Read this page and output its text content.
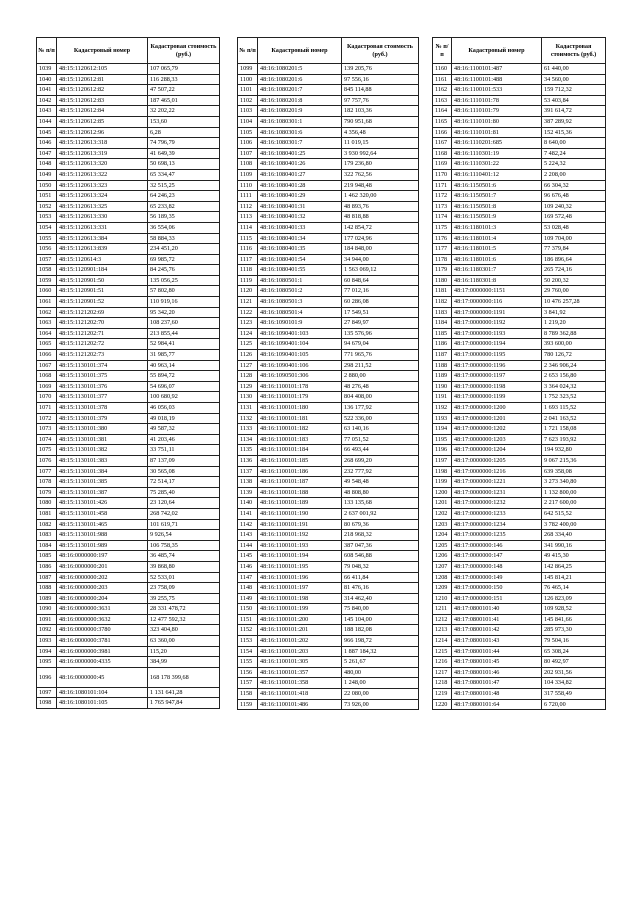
№ п/п	Кадастровый номер	Кадастровая стоимость (руб.)
1039	48:15:1120612:105	107 065,79
1040	48:15:1120612:81	116 288,33
1041	48:15:1120612:82	47 507,22
1042	48:15:1120612:83	187 465,01
1043	48:15:1120612:84	32 202,22
1044	48:15:1120612:85	153,60
1045	48:15:1120612:96	6,28
1046	48:15:1120613:318	74 796,79
1047	48:15:1120613:319	41 649,39
1048	48:15:1120613:320	50 698,13
1049	48:15:1120613:322	65 334,47
1050	48:15:1120613:323	32 515,25
1051	48:15:1120613:324	64 246,23
1052	48:15:1120613:325	65 233,82
1053	48:15:1120613:330	56 189,35
1054	48:15:1120613:331	36 554,06
1055	48:15:1120613:384	58 884,33
1056	48:15:1120613:839	234 451,20
1057	48:15:1120614:3	69 985,72
1058	48:15:1120901:184	84 245,76
1059	48:15:1120901:50	135 056,25
1060	48:15:1120901:51	57 802,80
1061	48:15:1120901:52	110 919,16
1062	48:15:1121202:69	95 342,20
1063	48:15:1121202:70	108 237,60
1064	48:15:1121202:71	213 855,44
1065	48:15:1121202:72	52 984,41
1066	48:15:1121202:73	31 985,77
1067	48:15:1130101:374	40 963,14
1068	48:15:1130101:375	55 894,72
1069	48:15:1130101:376	54 696,07
1070	48:15:1130101:377	100 680,92
1071	48:15:1130101:378	46 056,03
1072	48:15:1130101:379	49 018,19
1073	48:15:1130101:380	49 587,32
1074	48:15:1130101:381	41 203,46
1075	48:15:1130101:382	33 751,11
1076	48:15:1130101:383	87 137,09
1077	48:15:1130101:384	30 565,08
1078	48:15:1130101:385	72 514,17
1079	48:15:1130101:387	75 285,40
1080	48:15:1130101:426	23 120,64
1081	48:15:1130101:458	268 742,02
1082	48:15:1130101:465	101 619,71
1083	48:15:1130101:988	9 926,54
1084	48:15:1130101:989	106 758,35
1085	48:16:0000000:197	36 485,74
1086	48:16:0000000:201	39 868,80
1087	48:16:0000000:202	52 533,01
1088	48:16:0000000:203	23 758,09
1089	48:16:0000000:204	39 255,75
1090	48:16:0000000:3631	28 331 478,72
1091	48:16:0000000:3632	12 477 592,32
1092	48:16:0000000:3780	323 404,80
1093	48:16:0000000:3781	63 360,00
1094	48:16:0000000:3981	115,20
1095	48:16:0000000:4335	384,99
1096	48:16:0000000:45	168 178 399,68
1097	48:16:1080101:104	1 131 641,28
1098	48:16:1080101:105	1 765 947,84
№ п/п	Кадастровый номер	Кадастровая стоимость (руб.)
1099	48:16:1080201:5	139 205,76
1100	48:16:1080201:6	97 556,16
1101	48:16:1080201:7	845 114,88
1102	48:16:1080201:8	97 757,76
1103	48:16:1080201:9	182 103,36
1104	48:16:1080301:1	790 951,68
1105	48:16:1080301:6	4 356,48
1106	48:16:1080301:7	11 019,15
1107	48:16:1080401:25	3 930 992,64
1108	48:16:1080401:26	179 236,80
1109	48:16:1080401:27	322 762,56
1110	48:16:1080401:28	219 948,48
1111	48:16:1080401:29	1 462 320,00
1112	48:16:1080401:31	48 893,76
1113	48:16:1080401:32	48 818,88
1114	48:16:1080401:33	142 854,72
1115	48:16:1080401:34	177 024,96
1116	48:16:1080401:35	184 848,00
1117	48:16:1080401:54	34 944,00
1118	48:16:1080401:55	1 563 069,12
1119	48:16:1080501:1	60 848,64
1120	48:16:1080501:2	77 012,16
1121	48:16:1080501:3	60 286,08
1122	48:16:1080501:4	17 549,51
1123	48:16:1090101:9	27 849,97
1124	48:16:1090401:103	135 576,96
1125	48:16:1090401:104	94 679,04
1126	48:16:1090401:105	771 965,76
1127	48:16:1090401:106	298 211,52
1128	48:16:1090501:306	2 880,00
1129	48:16:1100101:178	48 276,48
1130	48:16:1100101:179	804 408,00
1131	48:16:1100101:180	136 177,92
1132	48:16:1100101:181	522 336,00
1133	48:16:1100101:182	63 140,16
1134	48:16:1100101:183	77 051,52
1135	48:16:1100101:184	66 493,44
1136	48:16:1100101:185	268 699,20
1137	48:16:1100101:186	232 777,92
1138	48:16:1100101:187	49 548,48
1139	48:16:1100101:188	48 808,80
1140	48:16:1100101:189	133 135,68
1141	48:16:1100101:190	2 637 001,92
1142	48:16:1100101:191	80 679,36
1143	48:16:1100101:192	218 968,32
1144	48:16:1100101:193	387 047,36
1145	48:16:1100101:194	608 546,88
1146	48:16:1100101:195	79 048,32
1147	48:16:1100101:196	66 411,84
1148	48:16:1100101:197	81 476,16
1149	48:16:1100101:198	314 462,40
1150	48:16:1100101:199	75 840,00
1151	48:16:1100101:200	145 104,00
1152	48:16:1100101:201	188 182,08
1153	48:16:1100101:202	966 198,72
1154	48:16:1100101:203	1 887 184,32
1155	48:16:1100101:305	5 261,67
1156	48:16:1100101:357	480,00
1157	48:16:1100101:358	1 248,00
1158	48:16:1100101:418	22 080,00
1159	48:16:1100101:486	73 926,00
№ п/п	Кадастровый номер	Кадастровая стоимость (руб.)
1160	48:16:1100101:487	61 440,00
1161	48:16:1100101:488	34 560,00
1162	48:16:1100101:533	159 712,32
1163	48:16:1110101:78	53 403,84
1164	48:16:1110101:79	391 614,72
1165	48:16:1110101:80	387 289,92
1166	48:16:1110101:81	152 415,36
1167	48:16:1110201:685	8 640,00
1168	48:16:1110301:19	7 482,24
1169	48:16:1110301:22	5 224,32
1170	48:16:1110401:12	2 208,00
1171	48:16:1150501:6	66 304,32
1172	48:16:1150501:7	96 676,48
1173	48:16:1150501:8	109 240,32
1174	48:16:1150501:9	169 572,48
1175	48:16:1180101:3	53 028,48
1176	48:16:1180101:4	109 704,00
1177	48:16:1180101:5	77 379,84
1178	48:16:1180101:6	186 896,64
1179	48:16:1180301:7	265 724,16
1180	48:16:1180301:8	50 200,32
1181	48:17:0000000:1151	29 760,00
1182	48:17:0000000:116	10 476 257,28
1183	48:17:0000000:1191	3 841,92
1184	48:17:0000000:1192	1 219,20
1185	48:17:0000000:1193	8 789 362,88
1186	48:17:0000000:1194	393 600,00
1187	48:17:0000000:1195	780 126,72
1188	48:17:0000000:1196	2 346 906,24
1189	48:17:0000000:1197	2 653 156,80
1190	48:17:0000000:1198	3 364 024,32
1191	48:17:0000000:1199	1 752 323,52
1192	48:17:0000000:1200	1 693 115,52
1193	48:17:0000000:1201	2 041 163,52
1194	48:17:0000000:1202	1 721 158,08
1195	48:17:0000000:1203	7 623 193,92
1196	48:17:0000000:1204	194 932,80
1197	48:17:0000000:1205	9 067 215,36
1198	48:17:0000000:1216	639 358,08
1199	48:17:0000000:1221	3 273 340,80
1200	48:17:0000000:1231	1 132 800,00
1201	48:17:0000000:1232	2 217 600,00
1202	48:17:0000000:1233	642 515,52
1203	48:17:0000000:1234	3 782 400,00
1204	48:17:0000000:1235	268 334,40
1205	48:17:0000000:146	341 990,16
1206	48:17:0000000:147	49 415,30
1207	48:17:0000000:148	142 864,25
1208	48:17:0000000:149	145 814,21
1209	48:17:0000000:150	76 465,14
1210	48:17:0000000:151	126 823,09
1211	48:17:0800101:40	109 928,52
1212	48:17:0800101:41	145 841,66
1213	48:17:0800101:42	285 973,30
1214	48:17:0800101:43	79 504,16
1215	48:17:0800101:44	65 308,24
1216	48:17:0800101:45	80 492,97
1217	48:17:0800101:46	202 931,56
1218	48:17:0800101:47	104 334,82
1219	48:17:0800101:48	317 558,49
1220	48:17:0800101:64	6 720,00
